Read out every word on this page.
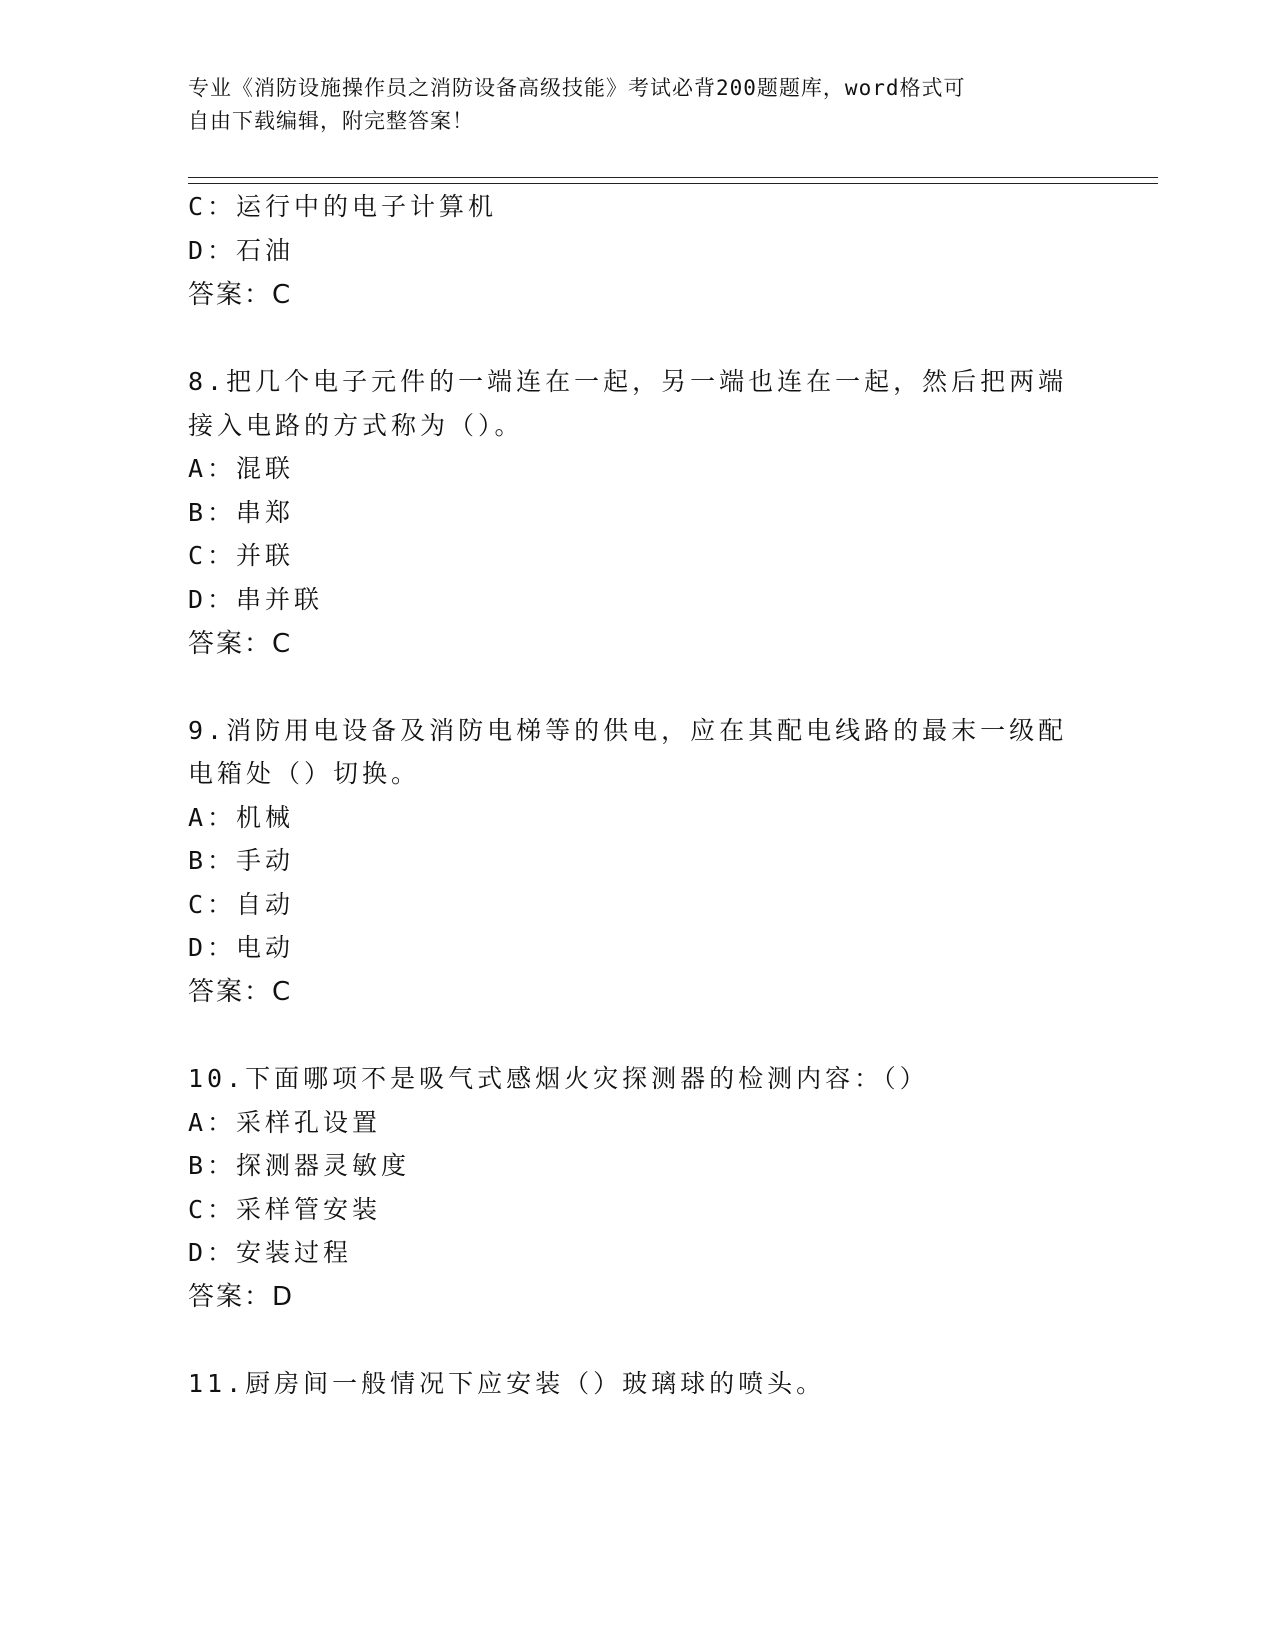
专业《消防设施操作员之消防设备高级技能》考试必背200题题库，word格式可
自由下载编辑，附完整答案！
C：运行中的电子计算机
D：石油
答案：C
8.把几个电子元件的一端连在一起，另一端也连在一起，然后把两端
接入电路的方式称为（）。
A：混联
B：串郑
C：并联
D：串并联
答案：C
9.消防用电设备及消防电梯等的供电，应在其配电线路的最末一级配
电箱处（）切换。
A：机械
B：手动
C：自动
D：电动
答案：C
10.下面哪项不是吸气式感烟火灾探测器的检测内容：（）
A：采样孔设置
B：探测器灵敏度
C：采样管安装
D：安装过程
答案：D
11.厨房间一般情况下应安装（）玻璃球的喷头。
